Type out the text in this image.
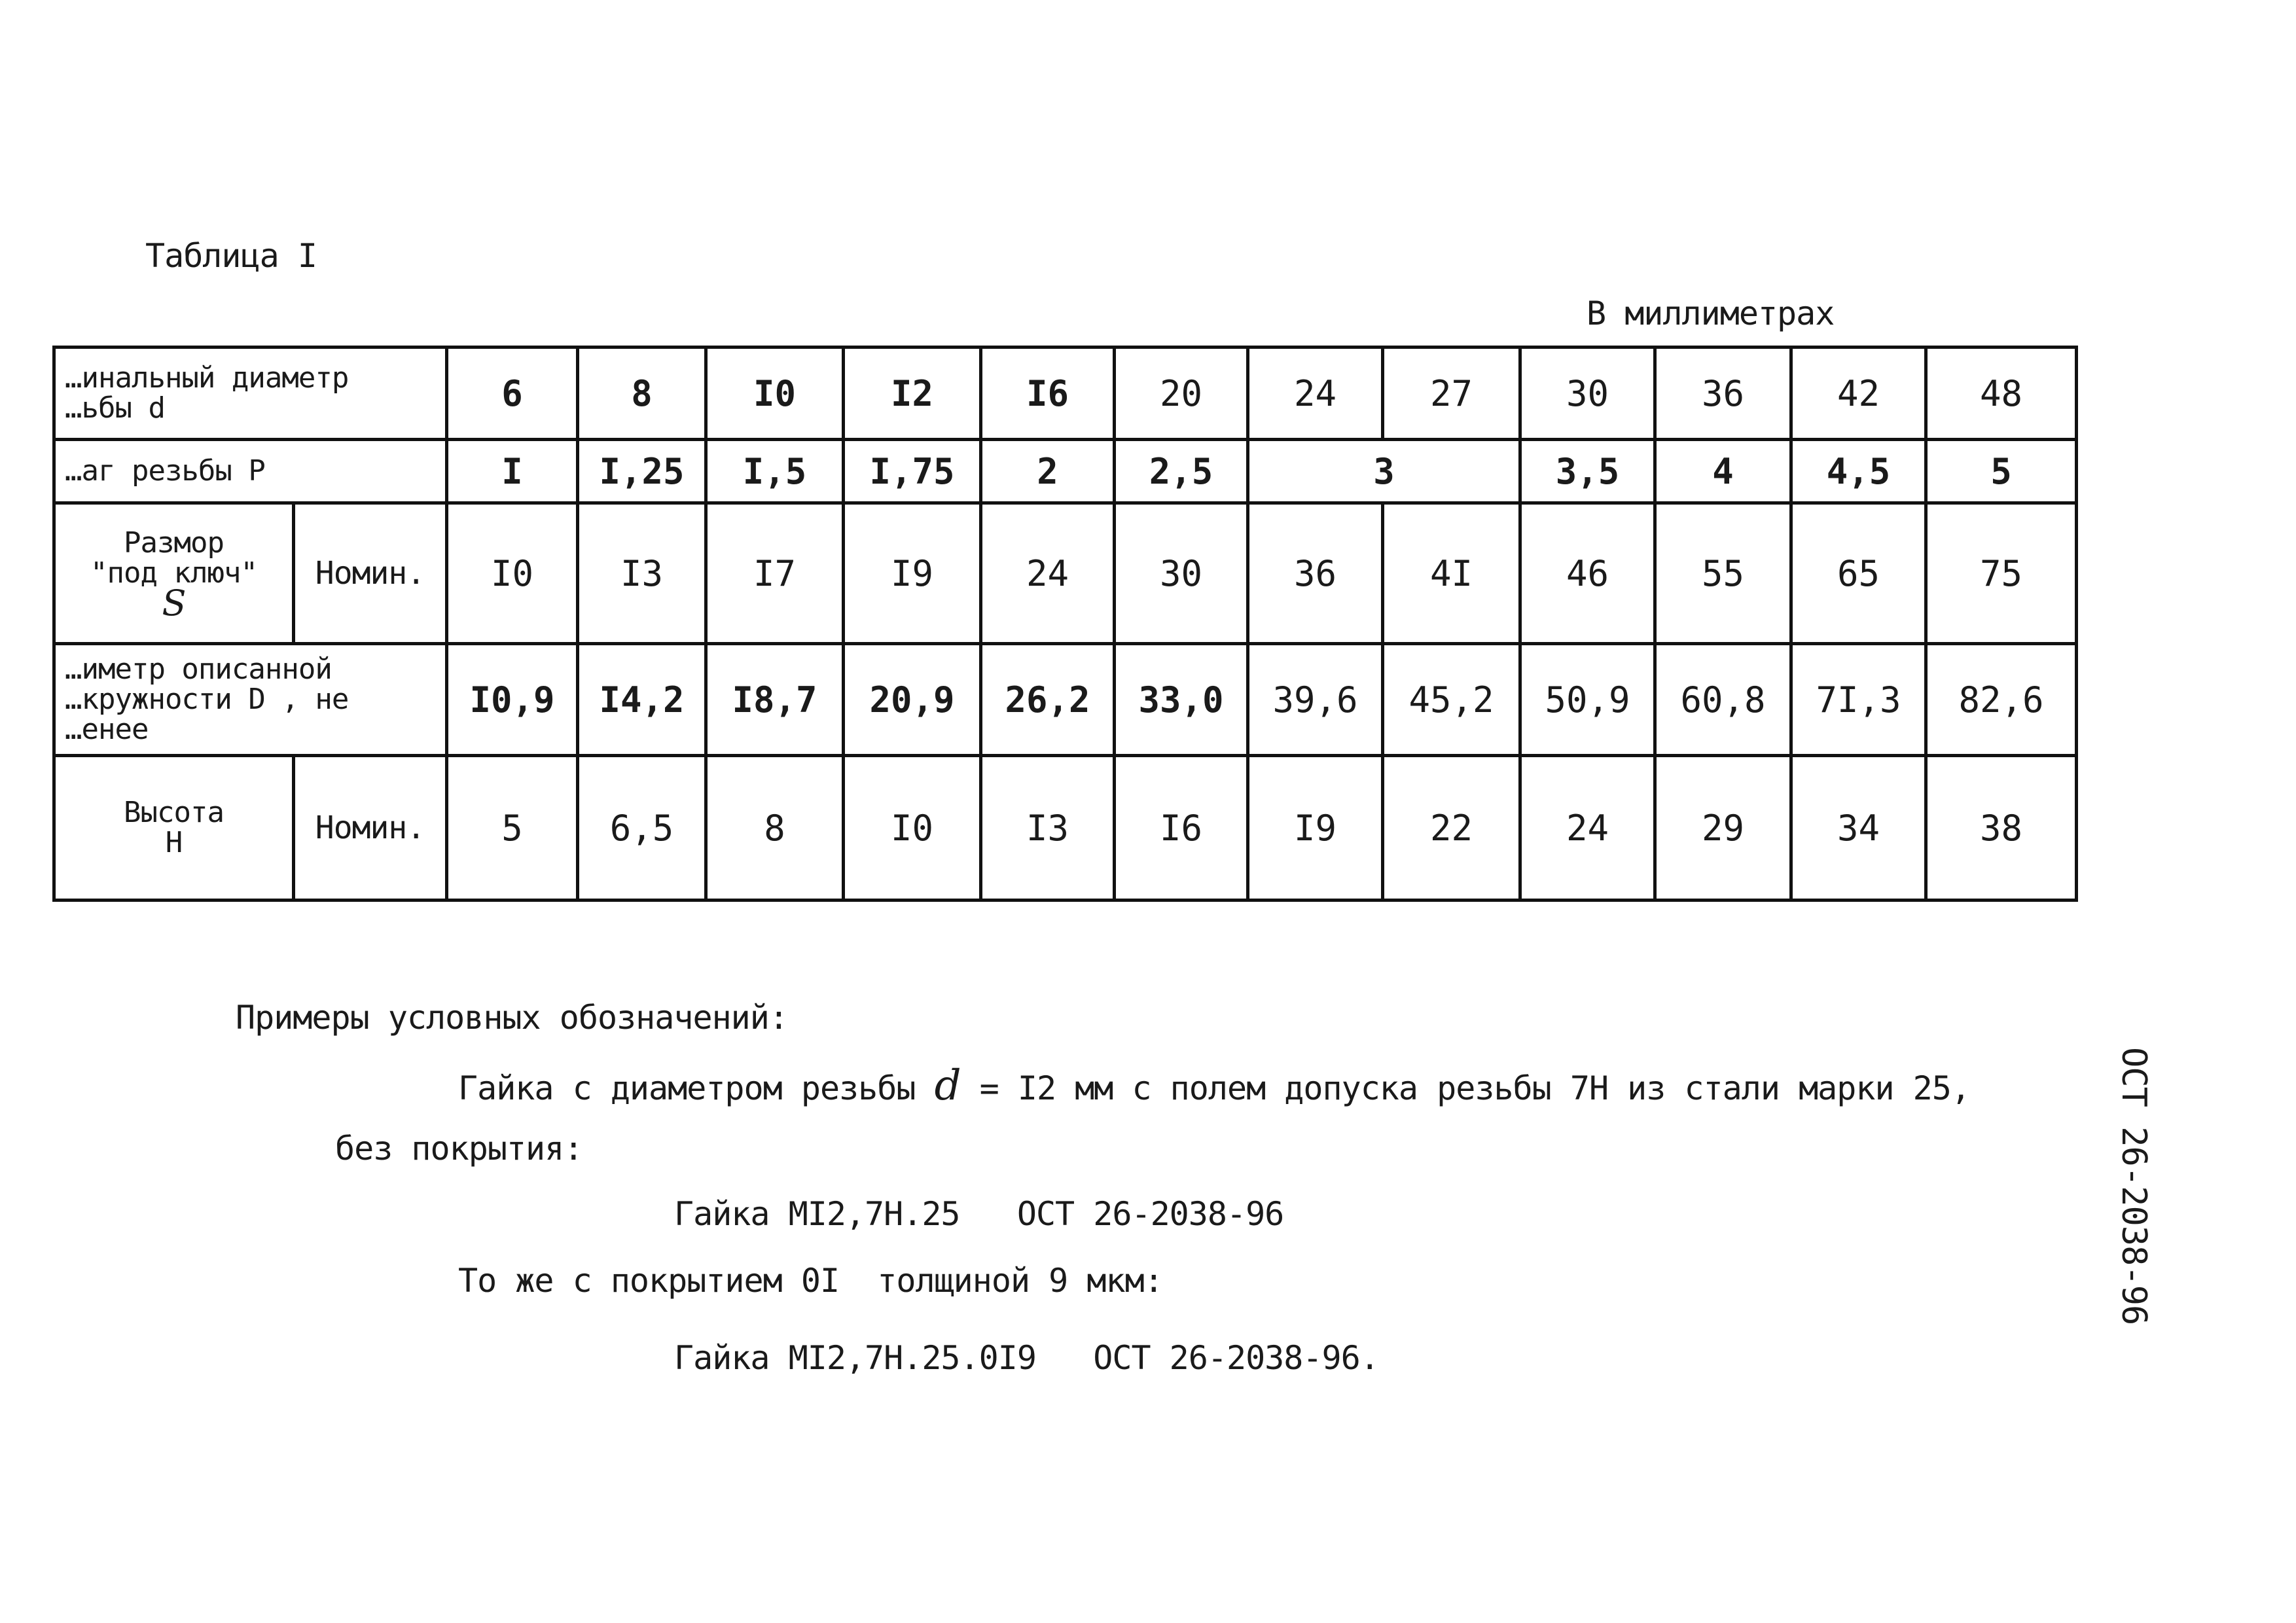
Таблица I
В миллиметрах
…инальный диаметр
…ьбы d		6	8	I0	I2	I6	20	24	27	30	36	42	48
…аг резьбы P		I	I,25	I,5	I,75	2	2,5	3		3,5	4	4,5	5

Размор
"под ключ"
S	Номин.	I0	I3	I7	I9	24	30	36	4I	46	55	65	75

…иметр описанной
…кружности D , не
…енее		I0,9	I4,2	I8,7	20,9	26,2	33,0	39,6	45,2	50,9	60,8	7I,3	82,6

Высота
Н	Номин.	5	6,5	8	I0	I3	I6	I9	22	24	29	34	38
Примеры условных обозначений:
Гайка с диаметром резьбы d = I2 мм с полем допуска резьбы 7Н из стали марки 25,
без покрытия:
Гайка МI2,7Н.25   ОСТ 26-2038-96
То же с покрытием 0I  толщиной 9 мкм:
Гайка МI2,7Н.25.0I9   ОСТ 26-2038-96.
ОСТ 26-2038-96
